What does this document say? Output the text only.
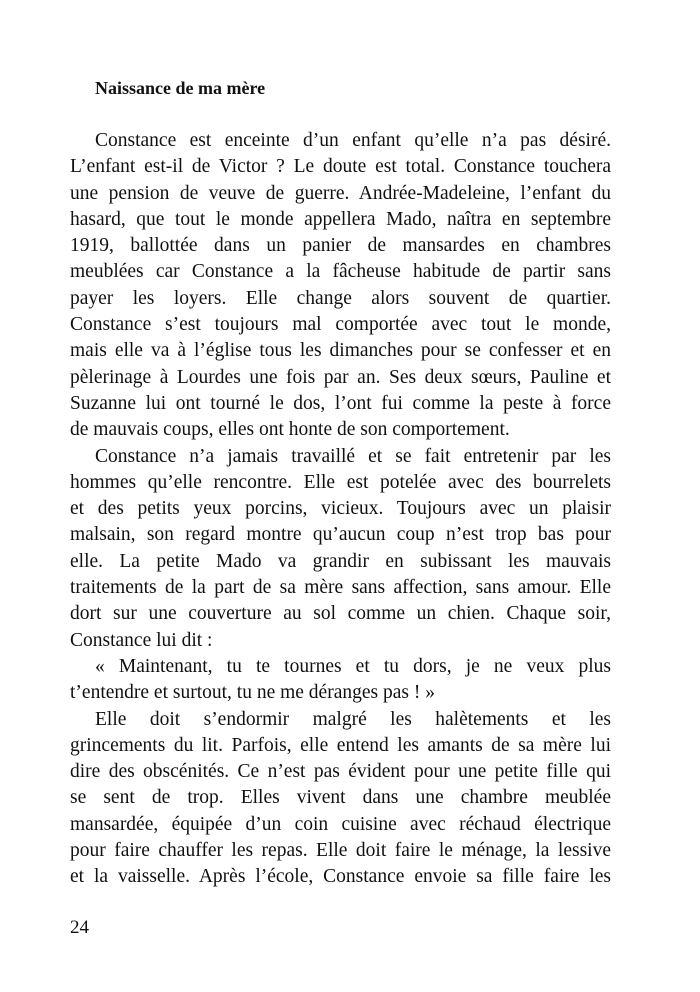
Naissance de ma mère
Constance est enceinte d’un enfant qu’elle n’a pas désiré.
L’enfant est-il de Victor ? Le doute est total. Constance touchera
une pension de veuve de guerre. Andrée-Madeleine, l’enfant du
hasard, que tout le monde appellera Mado, naîtra en septembre
1919, ballottée dans un panier de mansardes en chambres
meublées car Constance a la fâcheuse habitude de partir sans
payer les loyers. Elle change alors souvent de quartier.
Constance s’est toujours mal comportée avec tout le monde,
mais elle va à l’église tous les dimanches pour se confesser et en
pèlerinage à Lourdes une fois par an. Ses deux sœurs, Pauline et
Suzanne lui ont tourné le dos, l’ont fui comme la peste à force
de mauvais coups, elles ont honte de son comportement.
Constance n’a jamais travaillé et se fait entretenir par les
hommes qu’elle rencontre. Elle est potelée avec des bourrelets
et des petits yeux porcins, vicieux. Toujours avec un plaisir
malsain, son regard montre qu’aucun coup n’est trop bas pour
elle. La petite Mado va grandir en subissant les mauvais
traitements de la part de sa mère sans affection, sans amour. Elle
dort sur une couverture au sol comme un chien. Chaque soir,
Constance lui dit :
« Maintenant, tu te tournes et tu dors, je ne veux plus
t’entendre et surtout, tu ne me déranges pas ! »
Elle doit s’endormir malgré les halètements et les
grincements du lit. Parfois, elle entend les amants de sa mère lui
dire des obscénités. Ce n’est pas évident pour une petite fille qui
se sent de trop. Elles vivent dans une chambre meublée
mansardée, équipée d’un coin cuisine avec réchaud électrique
pour faire chauffer les repas. Elle doit faire le ménage, la lessive
et la vaisselle. Après l’école, Constance envoie sa fille faire les
24
